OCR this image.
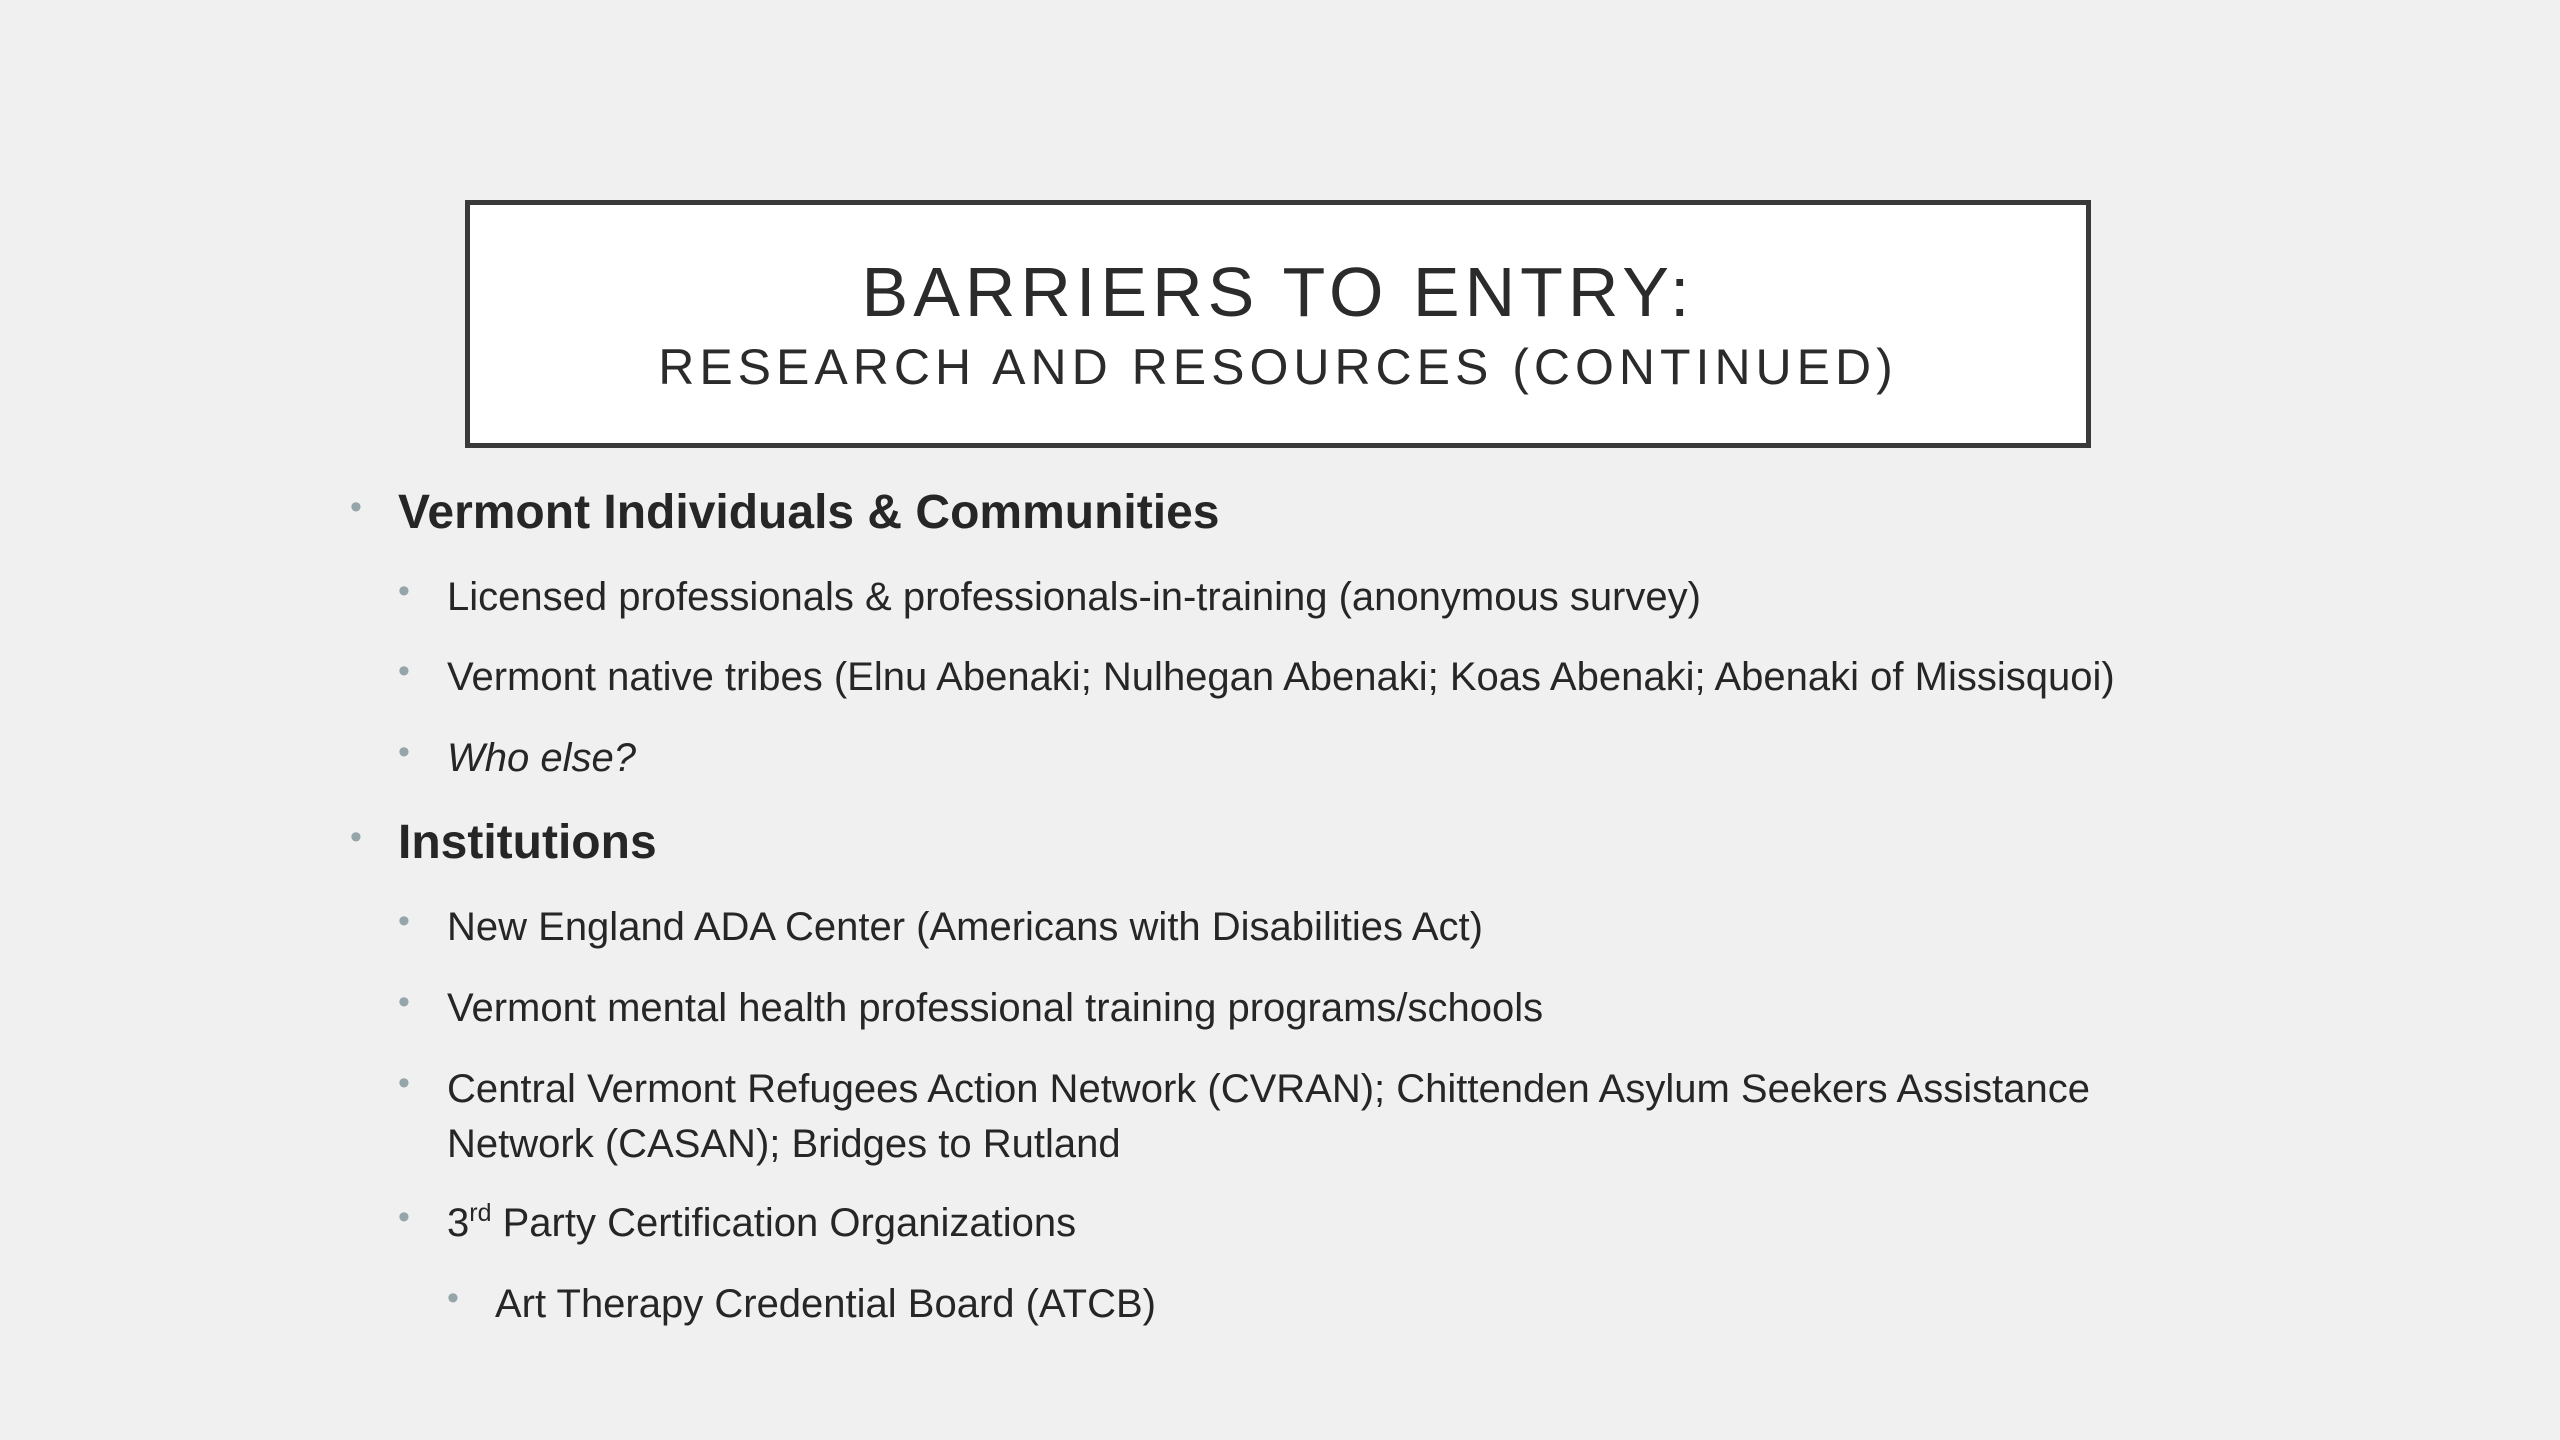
BARRIERS TO ENTRY:
RESEARCH AND RESOURCES (CONTINUED)
• Vermont Individuals & Communities
• Licensed professionals & professionals-in-training (anonymous survey)
• Vermont native tribes (Elnu Abenaki; Nulhegan Abenaki; Koas Abenaki; Abenaki of Missisquoi)
• Who else?
• Institutions
• New England ADA Center (Americans with Disabilities Act)
• Vermont mental health professional training programs/schools
• Central Vermont Refugees Action Network (CVRAN); Chittenden Asylum Seekers Assistance
Network (CASAN); Bridges to Rutland
• 3rd Party Certification Organizations
• Art Therapy Credential Board (ATCB)
